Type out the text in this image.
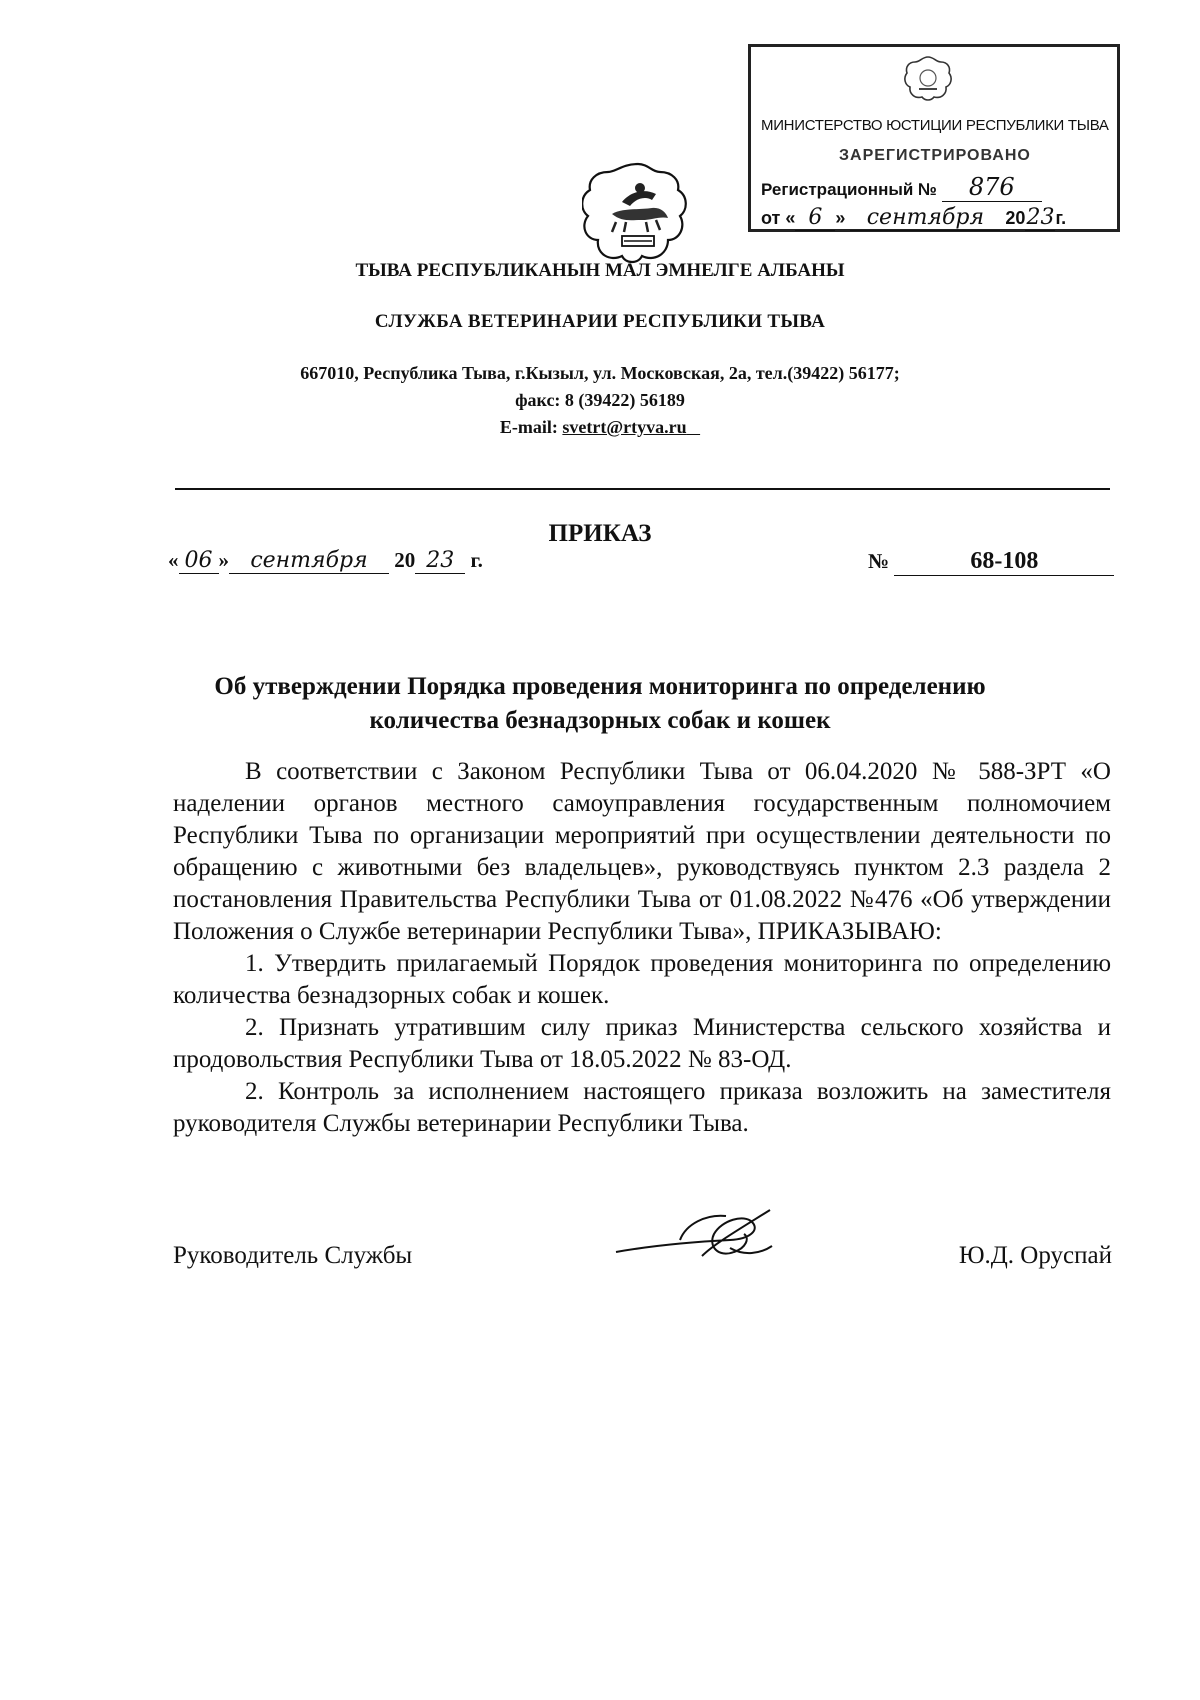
МИНИСТЕРСТВО ЮСТИЦИИ РЕСПУБЛИКИ ТЫВА
ЗАРЕГИСТРИРОВАНО
Регистрационный № 876
от « 6 » сентября 2023г.
ТЫВА РЕСПУБЛИКАНЫН МАЛ ЭМНЕЛГЕ АЛБАНЫ
СЛУЖБА ВЕТЕРИНАРИИ РЕСПУБЛИКИ ТЫВА
667010, Республика Тыва, г.Кызыл, ул. Московская, 2а, тел.(39422) 56177;
факс: 8 (39422) 56189
E-mail: svetrt@rtyva.ru
ПРИКАЗ
« 06 » сентября 20 23 г.	№	68-108
Об утверждении Порядка проведения мониторинга по определению количества безнадзорных собак и кошек

В соответствии с Законом Республики Тыва от 06.04.2020 № 588-ЗРТ «О наделении органов местного самоуправления государственным полномочием Республики Тыва по организации мероприятий при осуществлении деятельности по обращению с животными без владельцев», руководствуясь пунктом 2.3 раздела 2 постановления Правительства Республики Тыва от 01.08.2022 №476 «Об утверждении Положения о Службе ветеринарии Республики Тыва», ПРИКАЗЫВАЮ:

1. Утвердить прилагаемый Порядок проведения мониторинга по определению количества безнадзорных собак и кошек.

2. Признать утратившим силу приказ Министерства сельского хозяйства и продовольствия Республики Тыва от 18.05.2022 № 83-ОД.

2. Контроль за исполнением настоящего приказа возложить на заместителя руководителя Службы ветеринарии Республики Тыва.

Руководитель Службы	Ю.Д. Оруспай
